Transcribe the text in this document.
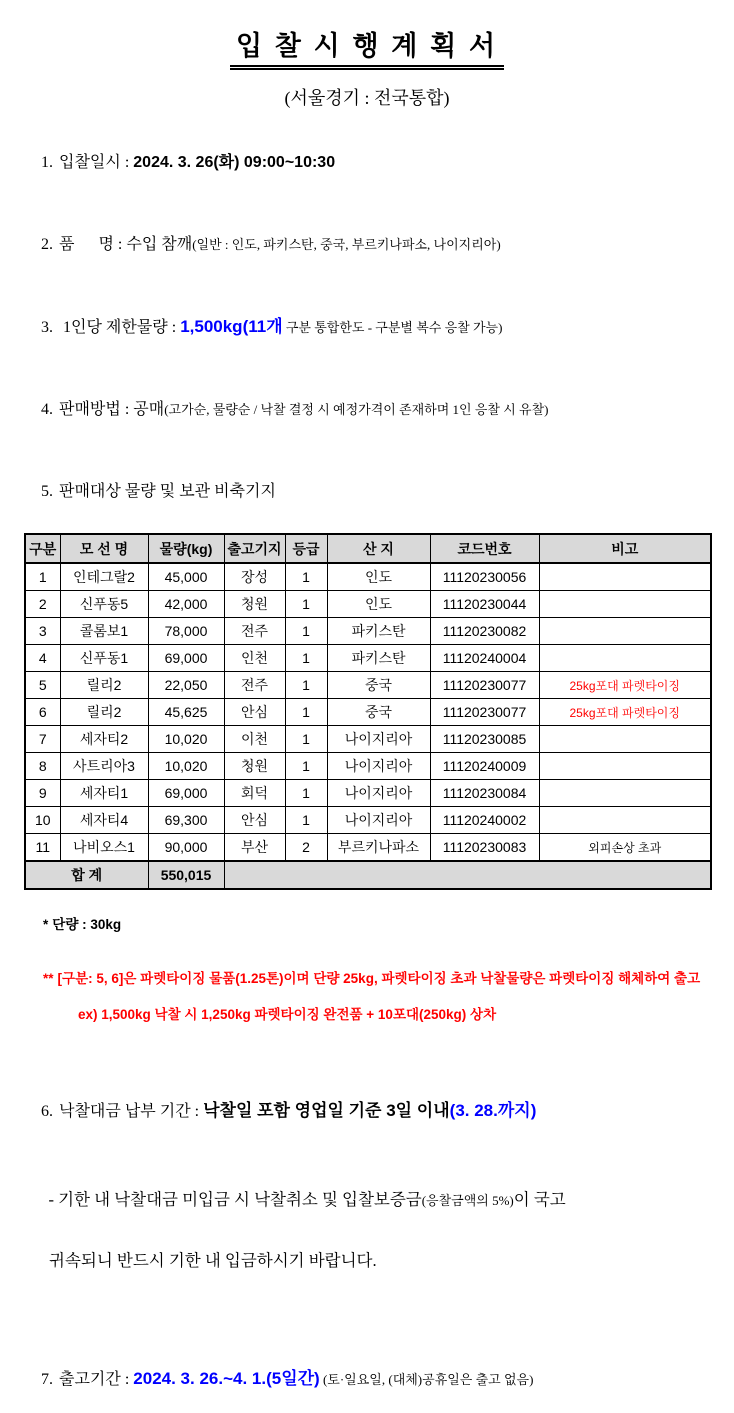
입 찰 시 행 계 획 서
(서울경기 : 전국통합)

1. 입찰일시 : 2024. 3. 26(화) 09:00~10:30

2. 품      명 : 수입 참깨(일반 : 인도, 파키스탄, 중국, 부르키나파소, 나이지리아)

3. 1인당 제한물량 : 1,500kg(11개 구분 통합한도 - 구분별 복수 응찰 가능)

4. 판매방법 : 공매(고가순, 물량순 / 낙찰 결정 시 예정가격이 존재하며 1인 응찰 시 유찰)

5. 판매대상 물량 및 보관 비축기지

구분	모 선 명	물량(kg)	출고기지	등급	산 지	코드번호	비고
1	인테그랄2	45,000	장성	1	인도	11120230056	
2	신푸동5	42,000	청원	1	인도	11120230044	
3	콜롬보1	78,000	전주	1	파키스탄	11120230082	
4	신푸동1	69,000	인천	1	파키스탄	11120240004	
5	릴리2	22,050	전주	1	중국	11120230077	25kg포대 파렛타이징
6	릴리2	45,625	안심	1	중국	11120230077	25kg포대 파렛타이징
7	세자티2	10,020	이천	1	나이지리아	11120230085	
8	사트리아3	10,020	청원	1	나이지리아	11120240009	
9	세자티1	69,000	회덕	1	나이지리아	11120230084	
10	세자티4	69,300	안심	1	나이지리아	11120240002	
11	나비오스1	90,000	부산	2	부르키나파소	11120230083	외피손상 초과
합 계		550,015					

* 단량 : 30kg

** [구분: 5, 6]은 파렛타이징 물품(1.25톤)이며 단량 25kg, 파렛타이징 초과 낙찰물량은 파렛타이징 해체하여 출고

ex) 1,500kg 낙찰 시 1,250kg 파렛타이징 완전품 + 10포대(250kg) 상차

6. 낙찰대금 납부 기간 : 낙찰일 포함 영업일 기준 3일 이내(3. 28.까지)

- 기한 내 낙찰대금 미입금 시 낙찰취소 및 입찰보증금(응찰금액의 5%)이 국고

귀속되니 반드시 기한 내 입금하시기 바랍니다.

7. 출고기간 : 2024. 3. 26.~4. 1.(5일간) (토·일요일, (대체)공휴일은 출고 없음)
